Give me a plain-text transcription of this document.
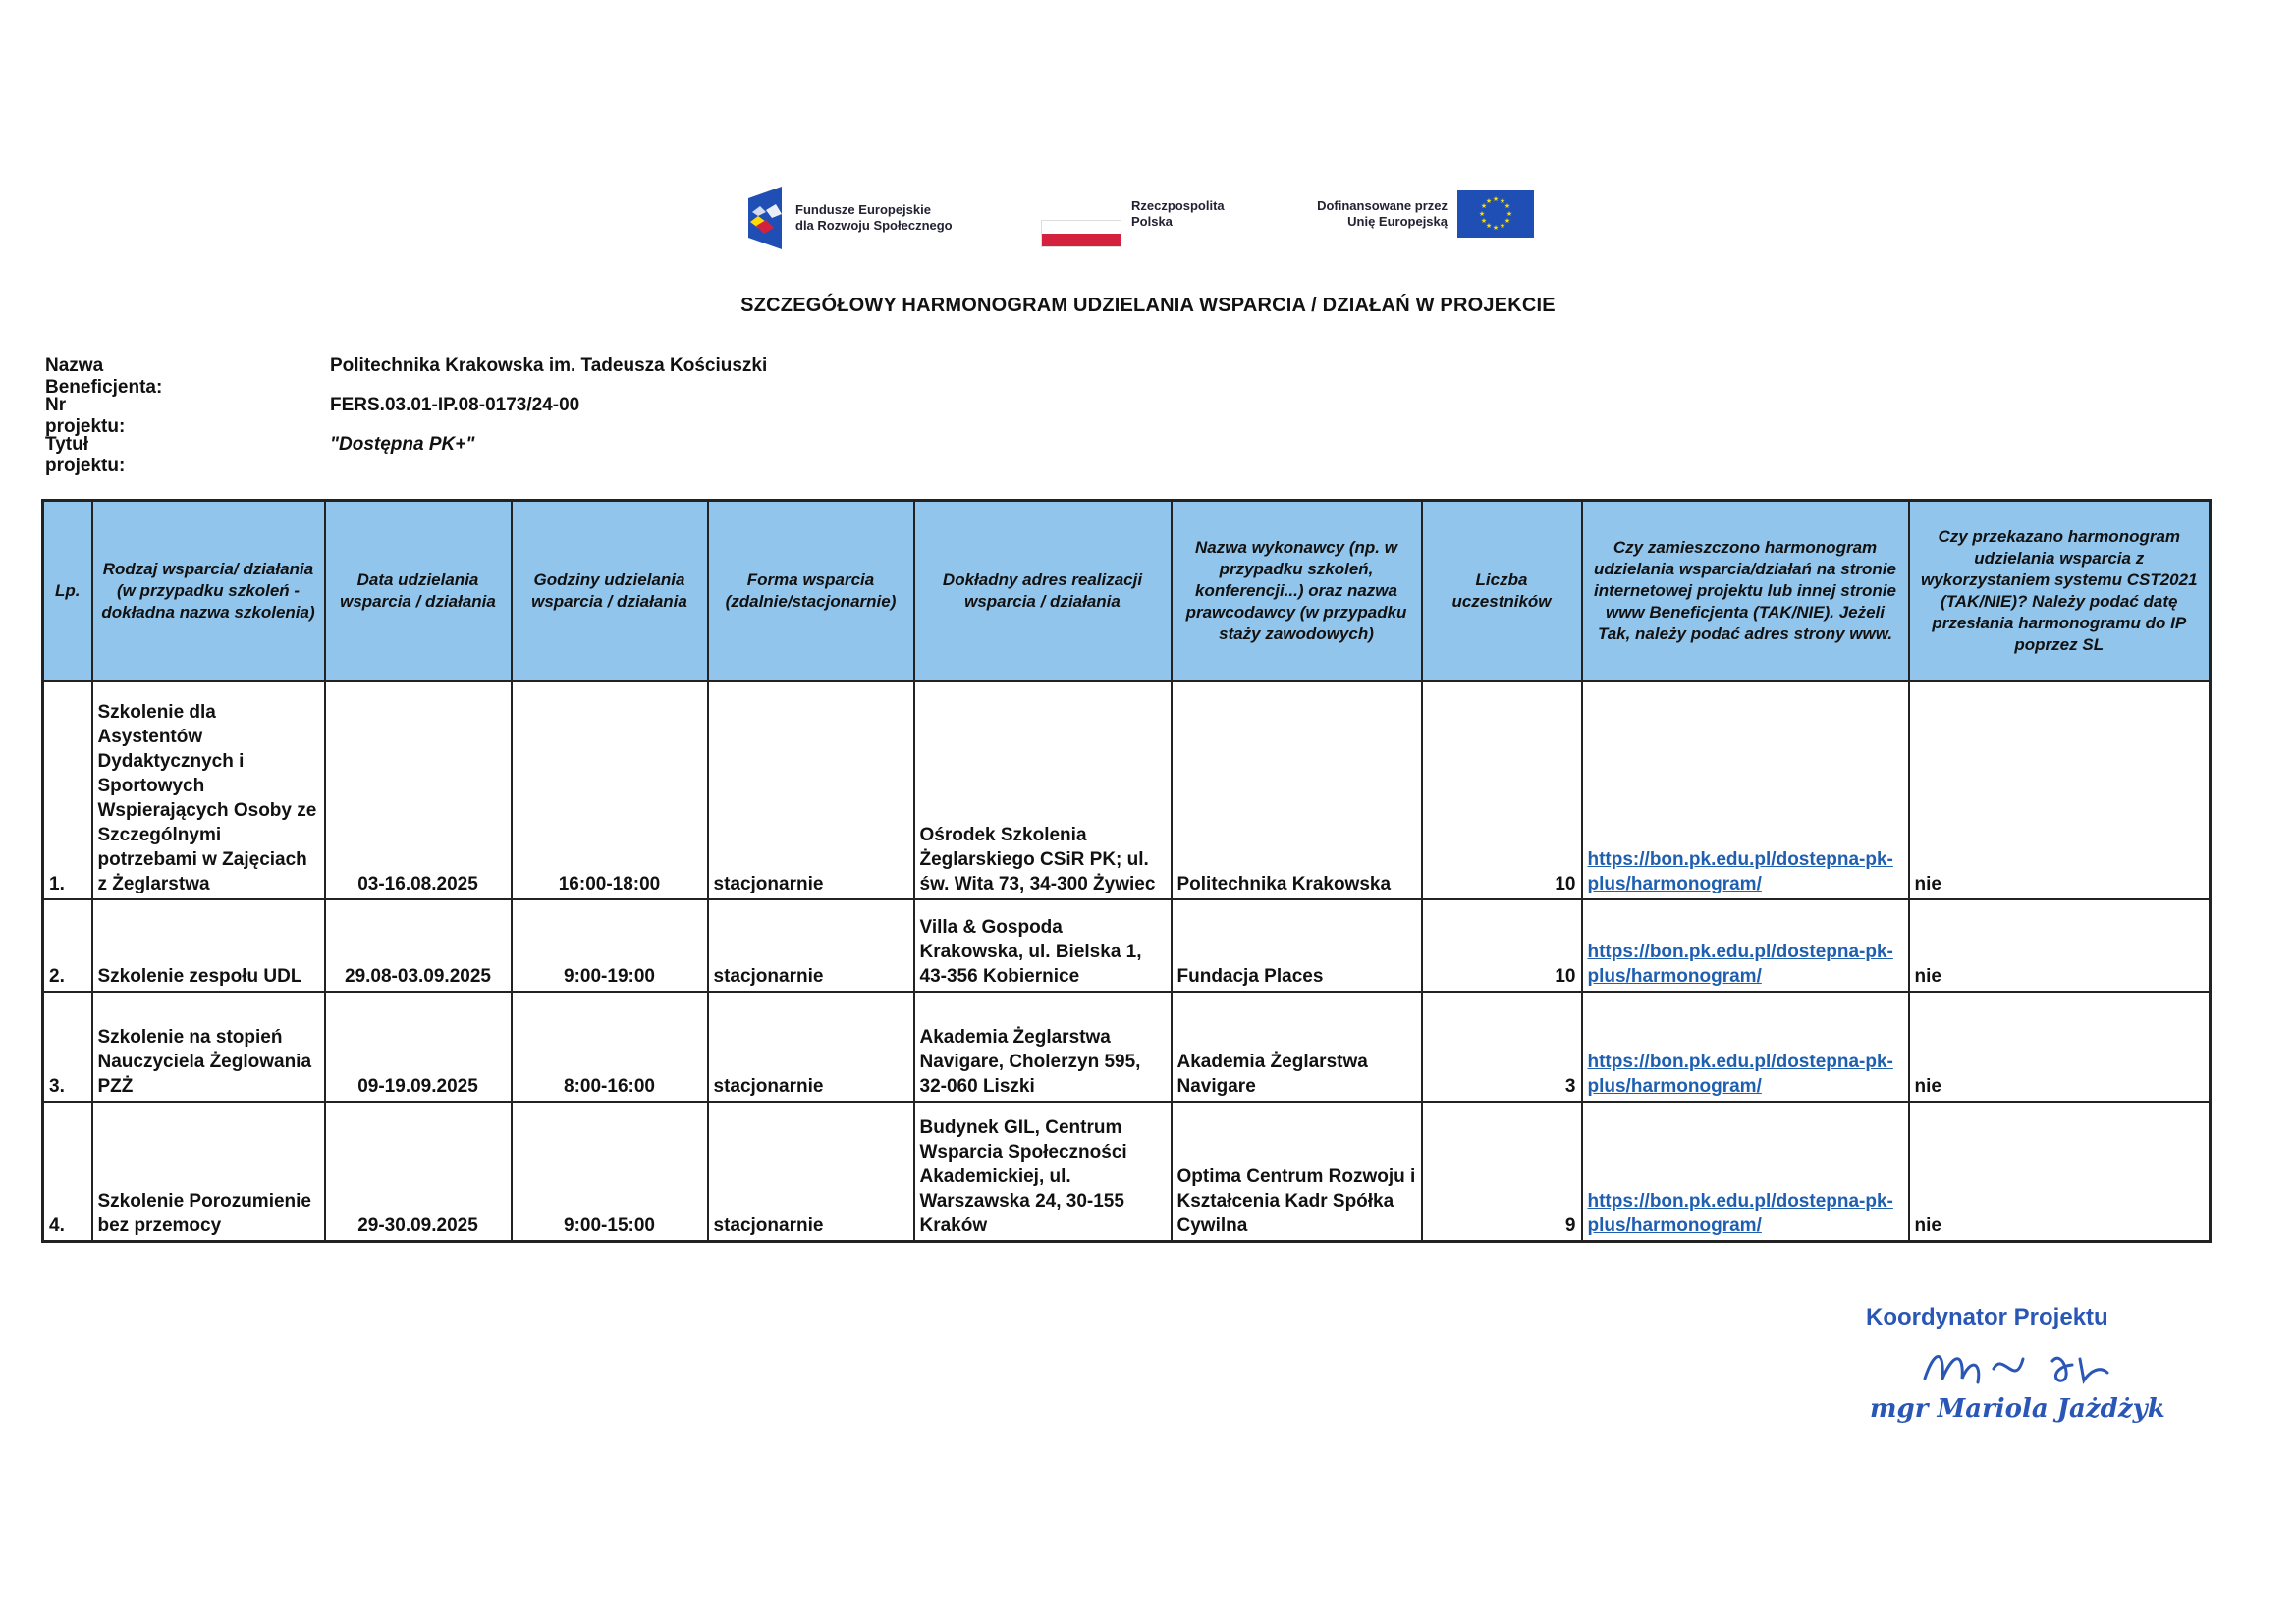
Fundusze Europejskie
dla Rozwoju Społecznego
Rzeczpospolita
Polska
Dofinansowane przez
Unię Europejską
★ ★
★
★
★
★
★
★
★
★
★
★
SZCZEGÓŁOWY HARMONOGRAM UDZIELANIA WSPARCIA / DZIAŁAŃ W PROJEKCIE
Nazwa Beneficjenta:
Politechnika Krakowska im. Tadeusza Kościuszki
Nr projektu:
FERS.03.01-IP.08-0173/24-00
Tytuł projektu:
"Dostępna PK+"
Lp.	Rodzaj wsparcia/ działania (w przypadku szkoleń - dokładna nazwa szkolenia)	Data udzielania wsparcia / działania	Godziny udzielania wsparcia / działania	Forma wsparcia (zdalnie/stacjonarnie)	Dokładny adres realizacji wsparcia / działania	Nazwa wykonawcy (np. w przypadku szkoleń, konferencji...) oraz nazwa prawcodawcy (w przypadku staży zawodowych)	Liczba uczestników	Czy zamieszczono harmonogram udzielania wsparcia/działań na stronie internetowej projektu lub innej stronie www Beneficjenta (TAK/NIE). Jeżeli Tak, należy podać adres strony www.	Czy przekazano harmonogram udzielania wsparcia z wykorzystaniem systemu CST2021 (TAK/NIE)? Należy podać datę przesłania harmonogramu do IP poprzez SL
1.	Szkolenie dla Asystentów Dydaktycznych i Sportowych Wspierających Osoby ze Szczególnymi potrzebami w Zajęciach z Żeglarstwa	03-16.08.2025	16:00-18:00	stacjonarnie	Ośrodek Szkolenia Żeglarskiego CSiR PK; ul. św. Wita 73, 34-300 Żywiec	Politechnika Krakowska	10	https://bon.pk.edu.pl/dostepna-pk-
plus/harmonogram/	nie
2.	Szkolenie zespołu UDL	29.08-03.09.2025	9:00-19:00	stacjonarnie	Villa & Gospoda Krakowska, ul. Bielska 1, 43-356 Kobiernice	Fundacja Places	10	https://bon.pk.edu.pl/dostepna-pk-
plus/harmonogram/	nie
3.	Szkolenie na stopień Nauczyciela Żeglowania PZŻ	09-19.09.2025	8:00-16:00	stacjonarnie	Akademia Żeglarstwa Navigare, Cholerzyn 595, 32-060 Liszki	Akademia Żeglarstwa Navigare	3	https://bon.pk.edu.pl/dostepna-pk-
plus/harmonogram/	nie
4.	Szkolenie Porozumienie bez przemocy	29-30.09.2025	9:00-15:00	stacjonarnie	Budynek GIL, Centrum Wsparcia Społeczności Akademickiej, ul. Warszawska 24, 30-155 Kraków	Optima Centrum Rozwoju i Kształcenia Kadr Spółka Cywilna	9	https://bon.pk.edu.pl/dostepna-pk-
plus/harmonogram/	nie
Koordynator Projektu
mgr Mariola Jażdżyk
